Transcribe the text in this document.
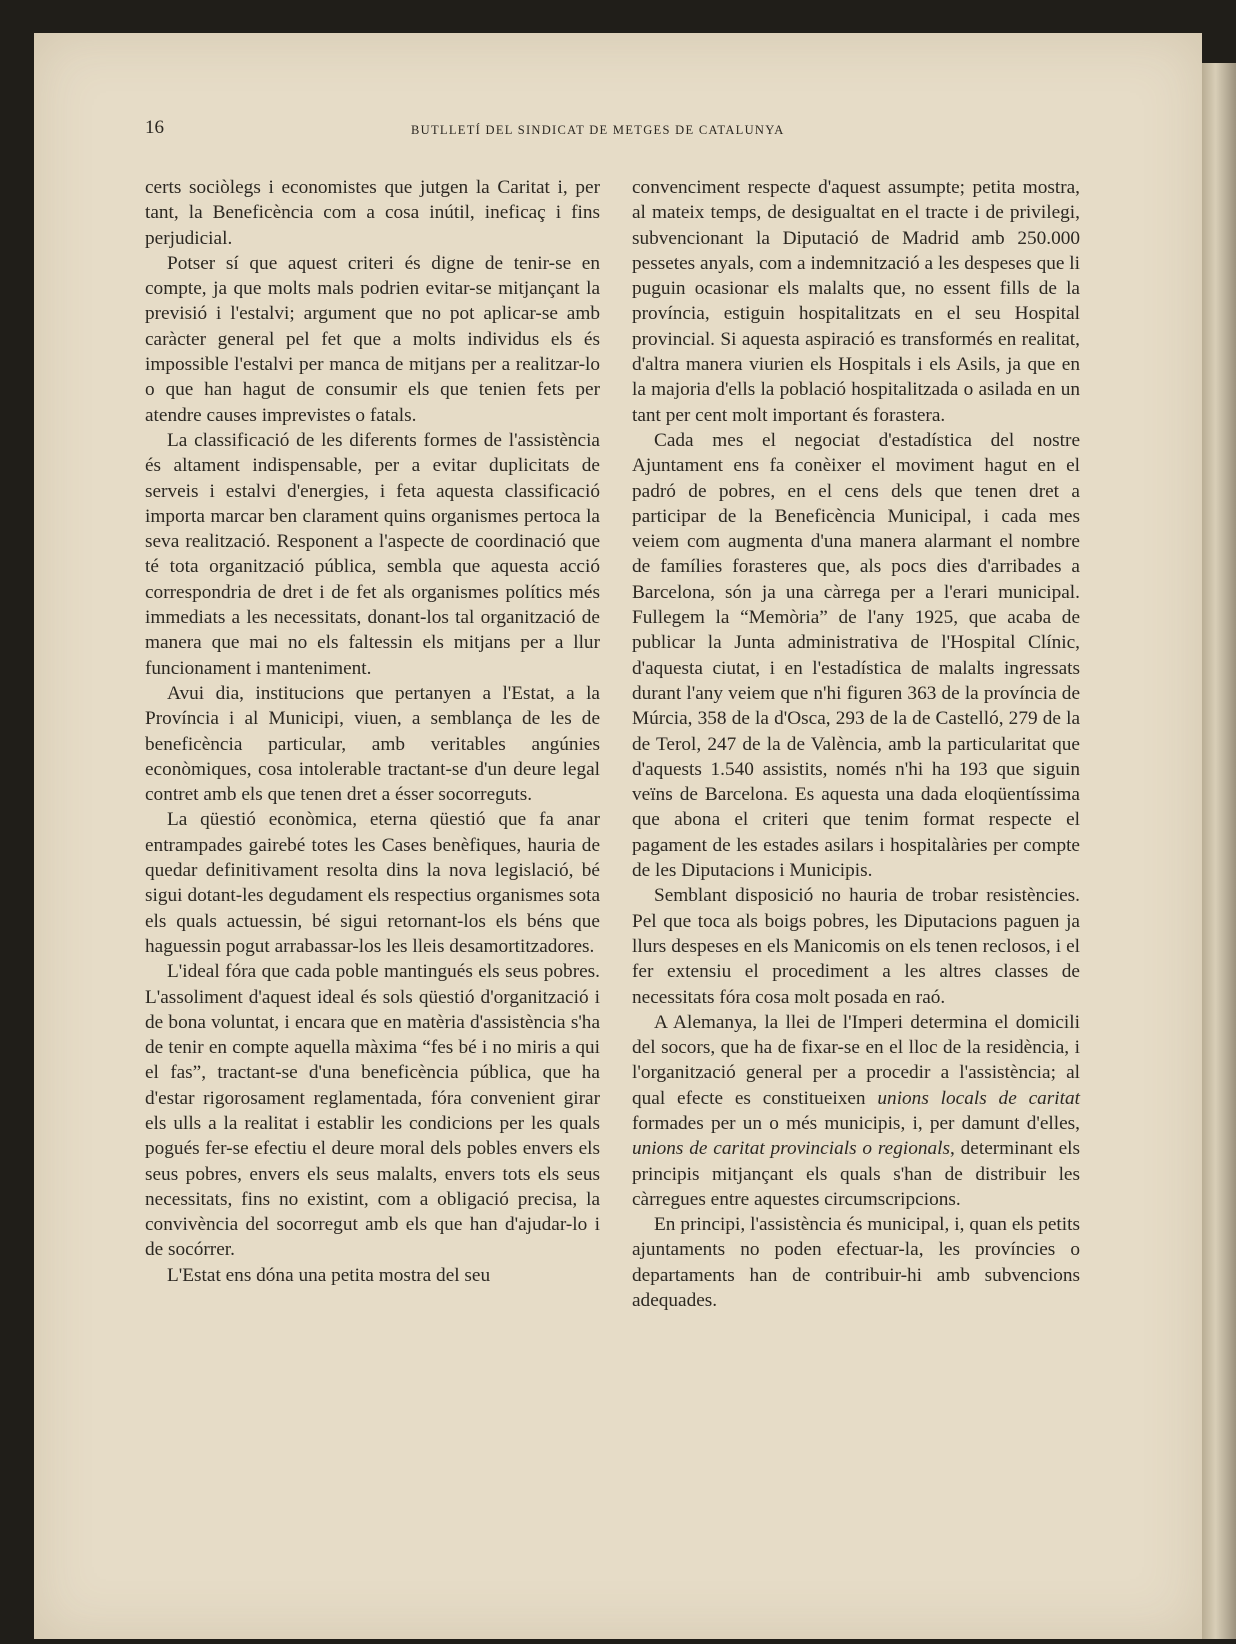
16	BUTLLETÍ DEL SINDICAT DE METGES DE CATALUNYA

certs sociòlegs i economistes que jutgen la Caritat i, per tant, la Beneficència com a cosa inútil, ineficaç i fins perjudicial.

Potser sí que aquest criteri és digne de tenir-se en compte, ja que molts mals podrien evitar-se mitjançant la previsió i l'estalvi; argument que no pot aplicar-se amb caràcter general pel fet que a molts individus els és impossible l'estalvi per manca de mitjans per a realitzar-lo o que han hagut de consumir els que tenien fets per atendre causes imprevistes o fatals.

La classificació de les diferents formes de l'assistència és altament indispensable, per a evitar duplicitats de serveis i estalvi d'energies, i feta aquesta classificació importa marcar ben clarament quins organismes pertoca la seva realització. Responent a l'aspecte de coordinació que té tota organització pública, sembla que aquesta acció correspondria de dret i de fet als organismes polítics més immediats a les necessitats, donant-los tal organització de manera que mai no els faltessin els mitjans per a llur funcionament i manteniment.

Avui dia, institucions que pertanyen a l'Estat, a la Província i al Municipi, viuen, a semblança de les de beneficència particular, amb veritables angúnies econòmiques, cosa intolerable tractant-se d'un deure legal contret amb els que tenen dret a ésser socorreguts.

La qüestió econòmica, eterna qüestió que fa anar entrampades gairebé totes les Cases benèfiques, hauria de quedar definitivament resolta dins la nova legislació, bé sigui dotant-les degudament els respectius organismes sota els quals actuessin, bé sigui retornant-los els béns que haguessin pogut arrabassar-los les lleis desamortitzadores.

L'ideal fóra que cada poble mantingués els seus pobres. L'assoliment d'aquest ideal és sols qüestió d'organització i de bona voluntat, i encara que en matèria d'assistència s'ha de tenir en compte aquella màxima “fes bé i no miris a qui el fas”, tractant-se d'una beneficència pública, que ha d'estar rigorosament reglamentada, fóra convenient girar els ulls a la realitat i establir les condicions per les quals pogués fer-se efectiu el deure moral dels pobles envers els seus pobres, envers els seus malalts, envers tots els seus necessitats, fins no existint, com a obligació precisa, la convivència del socorregut amb els que han d'ajudar-lo i de socórrer.

L'Estat ens dóna una petita mostra del seu

convenciment respecte d'aquest assumpte; petita mostra, al mateix temps, de desigualtat en el tracte i de privilegi, subvencionant la Diputació de Madrid amb 250.000 pessetes anyals, com a indemnització a les despeses que li puguin ocasionar els malalts que, no essent fills de la província, estiguin hospitalitzats en el seu Hospital provincial. Si aquesta aspiració es transformés en realitat, d'altra manera viurien els Hospitals i els Asils, ja que en la majoria d'ells la població hospitalitzada o asilada en un tant per cent molt important és forastera.

Cada mes el negociat d'estadística del nostre Ajuntament ens fa conèixer el moviment hagut en el padró de pobres, en el cens dels que tenen dret a participar de la Beneficència Municipal, i cada mes veiem com augmenta d'una manera alarmant el nombre de famílies forasteres que, als pocs dies d'arribades a Barcelona, són ja una càrrega per a l'erari municipal. Fullegem la “Memòria” de l'any 1925, que acaba de publicar la Junta administrativa de l'Hospital Clínic, d'aquesta ciutat, i en l'estadística de malalts ingressats durant l'any veiem que n'hi figuren 363 de la província de Múrcia, 358 de la d'Osca, 293 de la de Castelló, 279 de la de Terol, 247 de la de València, amb la particularitat que d'aquests 1.540 assistits, només n'hi ha 193 que siguin veïns de Barcelona. Es aquesta una dada eloqüentíssima que abona el criteri que tenim format respecte el pagament de les estades asilars i hospitalàries per compte de les Diputacions i Municipis.

Semblant disposició no hauria de trobar resistències. Pel que toca als boigs pobres, les Diputacions paguen ja llurs despeses en els Manicomis on els tenen reclosos, i el fer extensiu el procediment a les altres classes de necessitats fóra cosa molt posada en raó.

A Alemanya, la llei de l'Imperi determina el domicili del socors, que ha de fixar-se en el lloc de la residència, i l'organització general per a procedir a l'assistència; al qual efecte es constitueixen unions locals de caritat formades per un o més municipis, i, per damunt d'elles, unions de caritat provincials o regionals, determinant els principis mitjançant els quals s'han de distribuir les càrregues entre aquestes circumscripcions.

En principi, l'assistència és municipal, i, quan els petits ajuntaments no poden efectuar-la, les províncies o departaments han de contribuir-hi amb subvencions adequades.
